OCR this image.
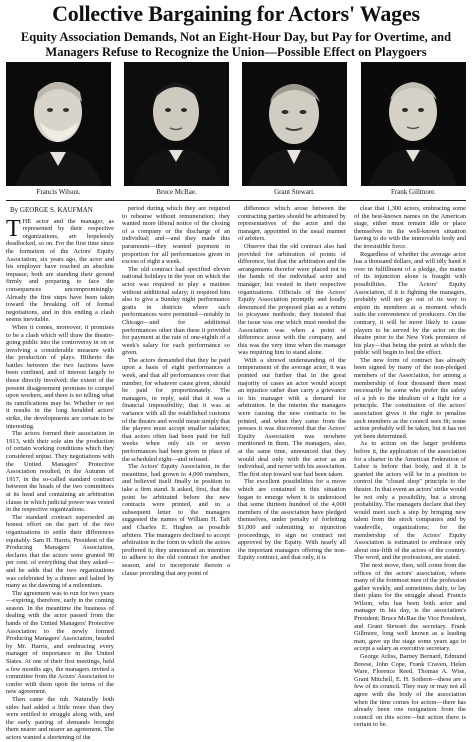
Collective Bargaining for Actors' Wages
Equity Association Demands, Not an Eight-Hour Day, but Pay for Overtime, and Managers Refuse to Recognize the Union—Possible Effect on Playgoers
Francis Wilson.	Bruce McRae.	Grant Stewart.	Frank Gillmore.
By GEORGE S. KAUFMAN

THE actor and the manager, as represented by their respective organizations, are hopelessly deadlocked, so on. For the first time since the formation of the Actors' Equity Association, six years ago, the actor and his employer have reached an absolute impasse; both are standing their ground firmly and preparing to face the consequences uncompromisingly. Already the first steps have been taken toward the breaking off of formal negotiations, and in this ending a clash seems inevitable.

When it comes, moreover, it promises to be a clash which will draw the theatre-going public into the controversy in on or involving a considerable measure with the production of plays. Hitherto the battles between the two factions have been confined, and of interest largely to those directly involved; the extent of the present disagreement promises to compel upon workers, and there is no telling what its ramifications may be. Whether or not it results in the long heralded actors' strike, the developments are certain to be interesting.

The actors formed their association in 1913, with their sole aim the production of certain working conditions which they considered unjust. They negotiations with the United Managers' Protective Association resulted, in the Autumn of 1917, in the so-called standard contract between the heads of the two committees at its head and containing an arbitration clause in which judicial power was vested in the respective organizations.

The standard contract superseded an honest effort on the part of the two organizations to settle their differences equitably. Sam H. Harris, President of the Producing Managers' Association, declares that the actors were granted 90 per cent. of everything that they asked—and he adds that the two organizations was celebrated by a dinner and halted by many as the dawning of a milennium.

The agreement was to run for two years—expiring, therefore, early in the coming season. In the meantime the business of dealing with the actor passed from the hands of the United Managers' Protective Association to the newly formed Producing Managers' Association, headed by Mr. Harris, and embracing every manager of importance in the United States. At one of their first meetings, held a few months ago, the managers invited a committee from the Actors' Association to confer with them upon the terms of the new agreement.

Then came the rub. Naturally both sides had added a little more than they were entitled to struggle along with, and the early pairing of demands brought them nearer and nearer an agreement. The actors wanted a shortening of the

period during which they are required to rehearse without remuneration; they wanted more liberal notice of the closing of a company or the discharge of an individual; and—and they made this paramount—they wanted payment in proportion for all performances given in excess of eight a week.

The old contract had specified eleven national holidays in the year on which the actor was required to play a matinee without additional salary; it required him also to give a Sunday night performance gratis in districts where such performances were permitted—notably in Chicago—and for additional performances other than these it provided for payment at the rate of one-eighth of a week's salary for each performance so given.

The actors demanded that they be paid upon a basis of eight performances a week, and that all performances over that number, for whatever cause given, should be paid for proportionately. The managers, in reply, said that it was a financial impossibility; that it was at variance with all the established customs of the theatre and would mean simply that the players must accept smaller salaries; that actors often had been paid for full weeks when only six or seven performances had been given in place of the scheduled eight—and refused.

The Actors' Equity Association, in the meantime, had grown to 4,000 members, and believed itself finally in position to take a firm stand. It asked, first, that the point be arbitrated before the new contracts were printed, and in a subsequent letter to the managers suggested the names of William H. Taft and Charles E. Hughes as possible arbiters. The managers declined to accept arbitration in the form in which the actors proffered it; they announced an intention to adhere to the old contract for another season, and to incorporate therein a clause providing that any point of

difference which arose between the contracting parties should be arbitrated by representatives of the actor and the manager, appointed in the usual manner of arbiters.

Observe that the old contract also had provided for arbitration of points of difference, but that the arbitration and the arrangements therefor were placed not in the hands of the individual actor and manager, but vested in their respective organizations. Officials of the Actors' Equity Association promptly and loudly denounced the proposed plan as a return to picayune methods; they insisted that the issue was one which must needed the Association was when a point of difference arose with the company, and this was the very time when the manager was requiring him to stand alone.

With a shrewd understanding of the temperament of the average actor, it was pointed out further that in the great majority of cases an actor would accept an injustice rather than carry a grievance to his manager with a demand for arbitration. In the interim the managers were causing the new contracts to be printed, and when they came from the presses it was discovered that the Actors' Equity Association was nowhere mentioned in them. The managers, also, at the same time, announced that they would deal only with the actor as an individual, and never with his association. The first step toward war had been taken.

The excellent possibilities for a move which are contained in this situation began to emerge when it is understood that some thirteen hundred of the 4,000 members of the association have pledged themselves, under penalty of forfeiting $1,000 and submitting to injunction proceedings, to sign no contract not approved by the Equity. With nearly all the important managers offering the non-Equity contract, and that only, it is

clear that 1,300 actors, embracing some of the best-known names on the American stage, either must remain idle or place themselves in the well-known situation having to do with the immovable body and the irresistible force.

Regardless of whether the average actor has a thousand dollars, and will idly hand it over in fulfillment of a pledge, the matter of its injunction alone is fraught with possibilities. The Actors' Equity Association, if it is fighting the managers, probably will not go out of its way to enjoin its members at a moment which suits the convenience of producers. On the contrary, it will be more likely to cause players to be served by the actor on the theatre prior to the New York premiere of his play—that being the point at which the public will begin to feel the effect.

The new form of contract has already been signed by many of the non-pledged members of the Association, for among a membership of four thousand there must necessarily be some who prefer the safety of a job to the idealism of a fight for a principle. The constitution of the actors' association gives it the right to penalize such members as the council sees fit; some action probably will be taken, but it has not yet been determined.

As to action on the larger problems before it, the application of the association for a charter in the American Federation of Labor is before that body, and if it is granted the actors will be in a position to control the "closed shop" principle to the theatre. In that event an actors' strike would be not only a possibility, but a strong probability. The managers declare that they would meet such a step by bringing new talent from the stock companies and by vaudeville, organizations; for the membership of the Actors' Equity Association is estimated to embrace only about one-fifth of the actors of the country. The word, and the professions, are stated.

The next move, then, will come from the offices of the actors' association, where many of the foremost men of the profession gather weekly, and sometimes daily, to lay their plans for the struggle ahead. Francis Wilson, who has been both actor and manager in his day, is the association's President; Bruce McRae the Vice President, and Grant Stewart the secretary. Frank Gillmore, long well known as a leading man, gave up the stage some years ago to accept a salary as executive secretary.

George Arliss, Barney Bernard, Edmund Breese, John Cope, Frank Craven, Helen Ware, Florence Reed, Thomas A. Wise, Grant Mitchell, E. H. Sothern—these are a few of its council. They may or may not all agree with the body of the association when the time comes for action—there has already been one resignation from the council on this score—but action there is certain to be.
